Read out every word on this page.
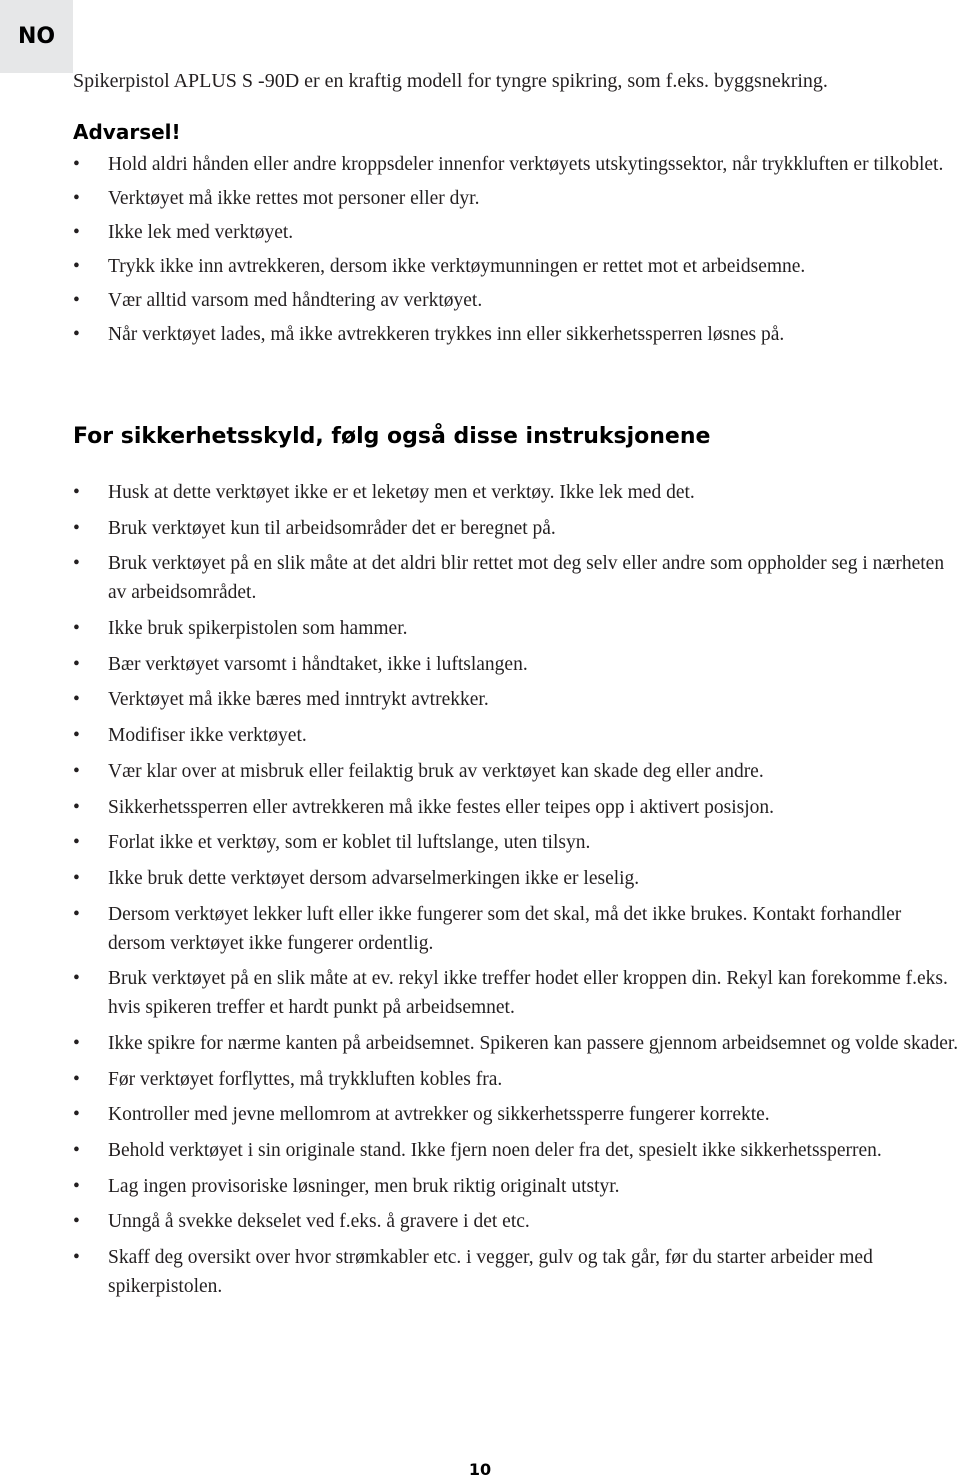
NO

Spikerpistol APLUS S -90D er en kraftig modell for tyngre spikring, som f.eks. byggsnekring.

Advarsel!
• Hold aldri hånden eller andre kroppsdeler innenfor verktøyets utskytingssektor, når trykkluften er tilkoblet.
• Verktøyet må ikke rettes mot personer eller dyr.
• Ikke lek med verktøyet.
• Trykk ikke inn avtrekkeren, dersom ikke verktøymunningen er rettet mot et arbeidsemne.
• Vær alltid varsom med håndtering av verktøyet.
• Når verktøyet lades, må ikke avtrekkeren trykkes inn eller sikkerhetssperren løsnes på.
For sikkerhetsskyld, følg også disse instruksjonene
• Husk at dette verktøyet ikke er et leketøy men et verktøy. Ikke lek med det.
• Bruk verktøyet kun til arbeidsområder det er beregnet på.
• Bruk verktøyet på en slik måte at det aldri blir rettet mot deg selv eller andre som oppholder seg i nærheten av arbeidsområdet.
• Ikke bruk spikerpistolen som hammer.
• Bær verktøyet varsomt i håndtaket, ikke i luftslangen.
• Verktøyet må ikke bæres med inntrykt avtrekker.
• Modifiser ikke verktøyet.
• Vær klar over at misbruk eller feilaktig bruk av verktøyet kan skade deg eller andre.
• Sikkerhetssperren eller avtrekkeren må ikke festes eller teipes opp i aktivert posisjon.
• Forlat ikke et verktøy, som er koblet til luftslange, uten tilsyn.
• Ikke bruk dette verktøyet dersom advarselmerkingen ikke er leselig.
• Dersom verktøyet lekker luft eller ikke fungerer som det skal, må det ikke brukes. Kontakt forhandler dersom verktøyet ikke fungerer ordentlig.
• Bruk verktøyet på en slik måte at ev. rekyl ikke treffer hodet eller kroppen din. Rekyl kan forekomme f.eks. hvis spikeren treffer et hardt punkt på arbeidsemnet.
• Ikke spikre for nærme kanten på arbeidsemnet. Spikeren kan passere gjennom arbeidsemnet og volde skader.
• Før verktøyet forflyttes, må trykkluften kobles fra.
• Kontroller med jevne mellomrom at avtrekker og sikkerhetssperre fungerer korrekte.
• Behold verktøyet i sin originale stand. Ikke fjern noen deler fra det, spesielt ikke sikkerhetssperren.
• Lag ingen provisoriske løsninger, men bruk riktig originalt utstyr.
• Unngå å svekke dekselet ved f.eks. å gravere i det etc.
• Skaff deg oversikt over hvor strømkabler etc. i vegger, gulv og tak går, før du starter arbeider med spikerpistolen.
10
